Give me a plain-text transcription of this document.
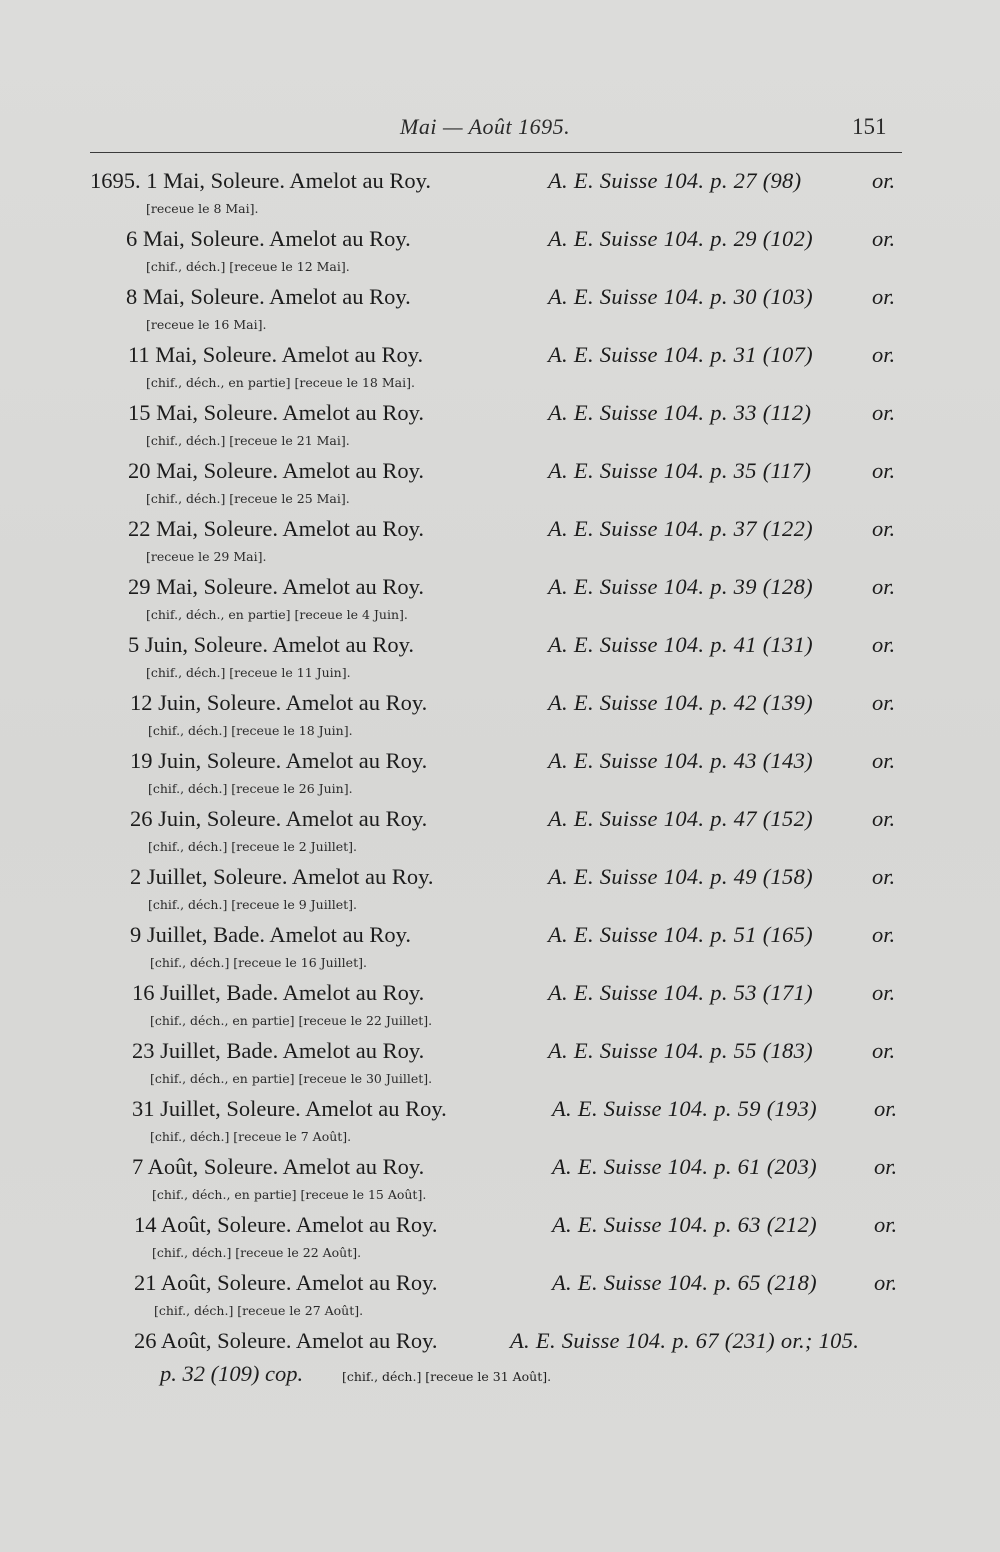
Mai — Août 1695.	151
1695. 1 Mai, Soleure. Amelot au Roy.	A. E. Suisse 104. p. 27 (98)	or.
[receue le 8 Mai].
6 Mai, Soleure. Amelot au Roy.	A. E. Suisse 104. p. 29 (102)	or.
[chif., déch.] [receue le 12 Mai].
8 Mai, Soleure. Amelot au Roy.	A. E. Suisse 104. p. 30 (103)	or.
[receue le 16 Mai].
11 Mai, Soleure. Amelot au Roy.	A. E. Suisse 104. p. 31 (107)	or.
[chif., déch., en partie] [receue le 18 Mai].
15 Mai, Soleure. Amelot au Roy.	A. E. Suisse 104. p. 33 (112)	or.
[chif., déch.] [receue le 21 Mai].
20 Mai, Soleure. Amelot au Roy.	A. E. Suisse 104. p. 35 (117)	or.
[chif., déch.] [receue le 25 Mai].
22 Mai, Soleure. Amelot au Roy.	A. E. Suisse 104. p. 37 (122)	or.
[receue le 29 Mai].
29 Mai, Soleure. Amelot au Roy.	A. E. Suisse 104. p. 39 (128)	or.
[chif., déch., en partie] [receue le 4 Juin].
5 Juin, Soleure. Amelot au Roy.	A. E. Suisse 104. p. 41 (131)	or.
[chif., déch.] [receue le 11 Juin].
12 Juin, Soleure. Amelot au Roy.	A. E. Suisse 104. p. 42 (139)	or.
[chif., déch.] [receue le 18 Juin].
19 Juin, Soleure. Amelot au Roy.	A. E. Suisse 104. p. 43 (143)	or.
[chif., déch.] [receue le 26 Juin].
26 Juin, Soleure. Amelot au Roy.	A. E. Suisse 104. p. 47 (152)	or.
[chif., déch.] [receue le 2 Juillet].
2 Juillet, Soleure. Amelot au Roy.	A. E. Suisse 104. p. 49 (158)	or.
[chif., déch.] [receue le 9 Juillet].
9 Juillet, Bade. Amelot au Roy.	A. E. Suisse 104. p. 51 (165)	or.
[chif., déch.] [receue le 16 Juillet].
16 Juillet, Bade. Amelot au Roy.	A. E. Suisse 104. p. 53 (171)	or.
[chif., déch., en partie] [receue le 22 Juillet].
23 Juillet, Bade. Amelot au Roy.	A. E. Suisse 104. p. 55 (183)	or.
[chif., déch., en partie] [receue le 30 Juillet].
31 Juillet, Soleure. Amelot au Roy.	A. E. Suisse 104. p. 59 (193)	or.
[chif., déch.] [receue le 7 Août].
7 Août, Soleure. Amelot au Roy.	A. E. Suisse 104. p. 61 (203)	or.
[chif., déch., en partie] [receue le 15 Août].
14 Août, Soleure. Amelot au Roy.	A. E. Suisse 104. p. 63 (212)	or.
[chif., déch.] [receue le 22 Août].
21 Août, Soleure. Amelot au Roy.	A. E. Suisse 104. p. 65 (218)	or.
[chif., déch.] [receue le 27 Août].
26 Août, Soleure. Amelot au Roy.	A. E. Suisse 104. p. 67 (231) or.; 105.
p. 32 (109) cop.	[chif., déch.] [receue le 31 Août].
